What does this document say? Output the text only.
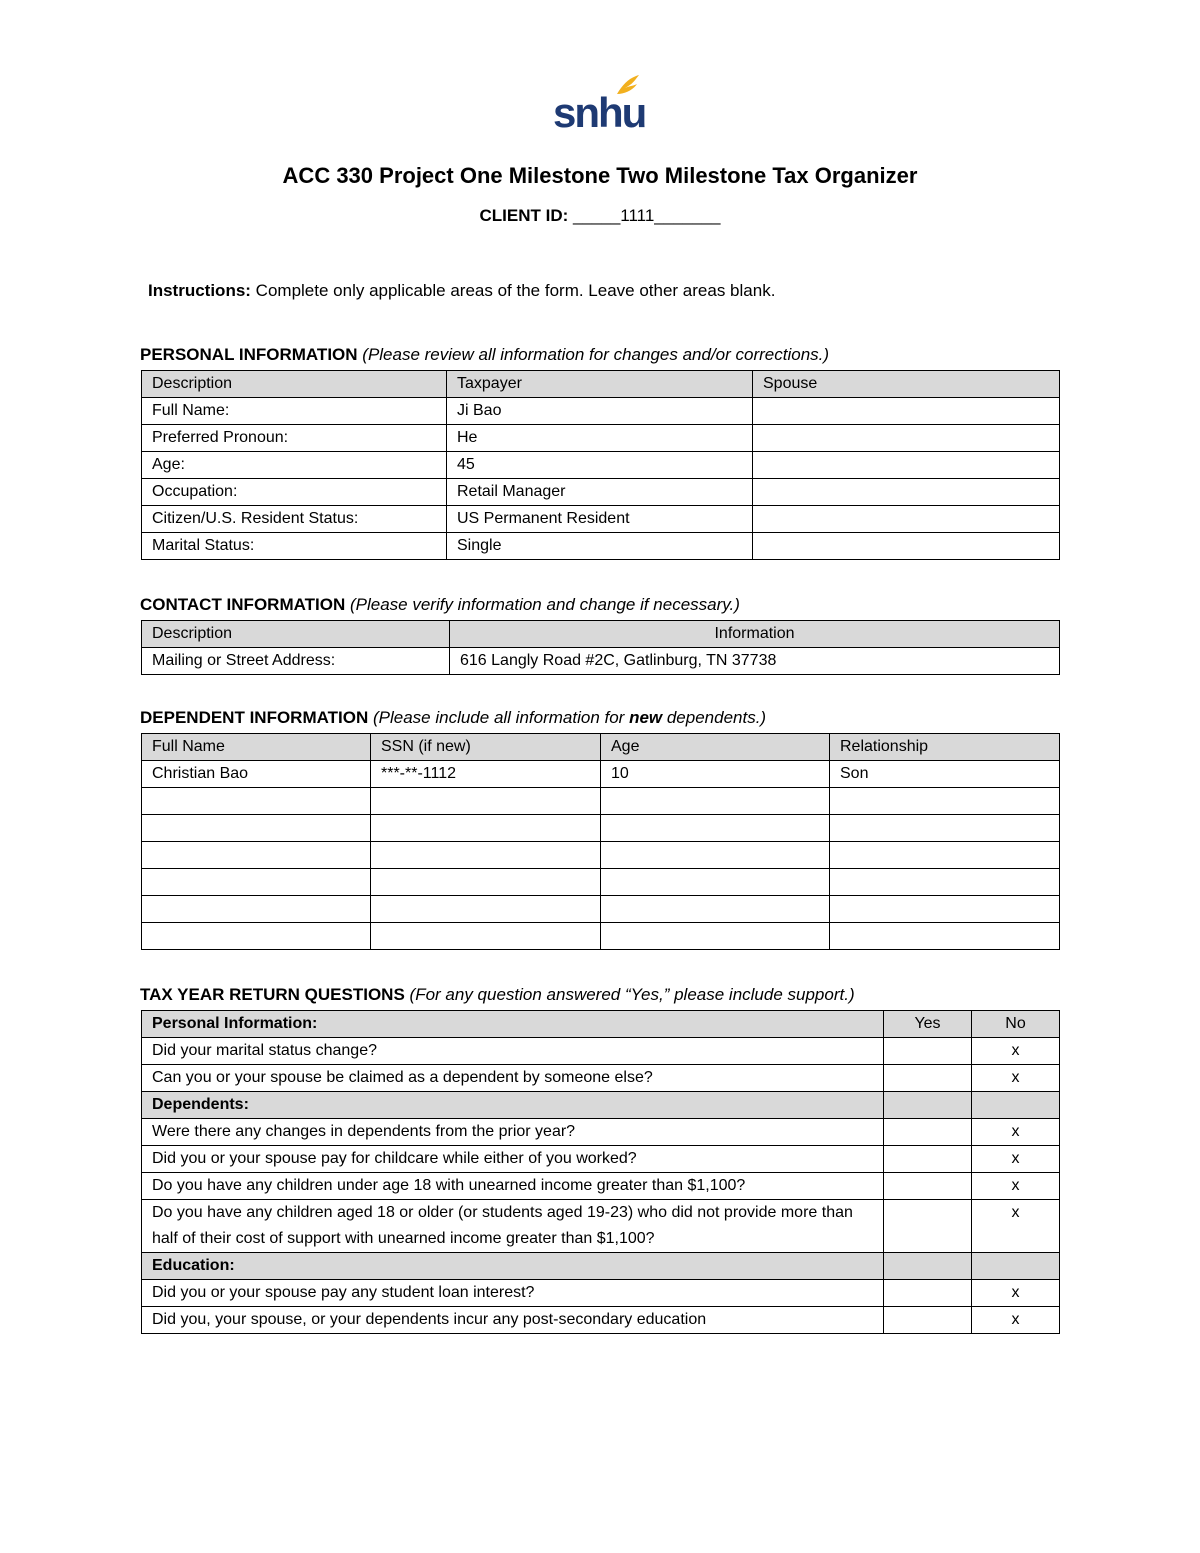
snhu
ACC 330 Project One Milestone Two Milestone Tax Organizer
CLIENT ID: _____1111_______
Instructions: Complete only applicable areas of the form. Leave other areas blank.
PERSONAL INFORMATION (Please review all information for changes and/or corrections.)
Description	Taxpayer	Spouse
Full Name:	Ji Bao	
Preferred Pronoun:	He	
Age:	45	
Occupation:	Retail Manager	
Citizen/U.S. Resident Status:	US Permanent Resident	
Marital Status:	Single	
CONTACT INFORMATION (Please verify information and change if necessary.)
Description	Information
Mailing or Street Address:	616 Langly Road #2C, Gatlinburg, TN 37738
DEPENDENT INFORMATION (Please include all information for new dependents.)
Full Name	SSN (if new)	Age	Relationship
Christian Bao	***-**-1112	10	Son

TAX YEAR RETURN QUESTIONS (For any question answered “Yes,” please include support.)
Personal Information:	Yes	No
Did your marital status change?		x
Can you or your spouse be claimed as a dependent by someone else?		x
Dependents:		
Were there any changes in dependents from the prior year?		x
Did you or your spouse pay for childcare while either of you worked?		x
Do you have any children under age 18 with unearned income greater than $1,100?		x
Do you have any children aged 18 or older (or students aged 19-23) who did not provide more than half of their cost of support with unearned income greater than $1,100?		x
Education:		
Did you or your spouse pay any student loan interest?		x
Did you, your spouse, or your dependents incur any post-secondary education		x
